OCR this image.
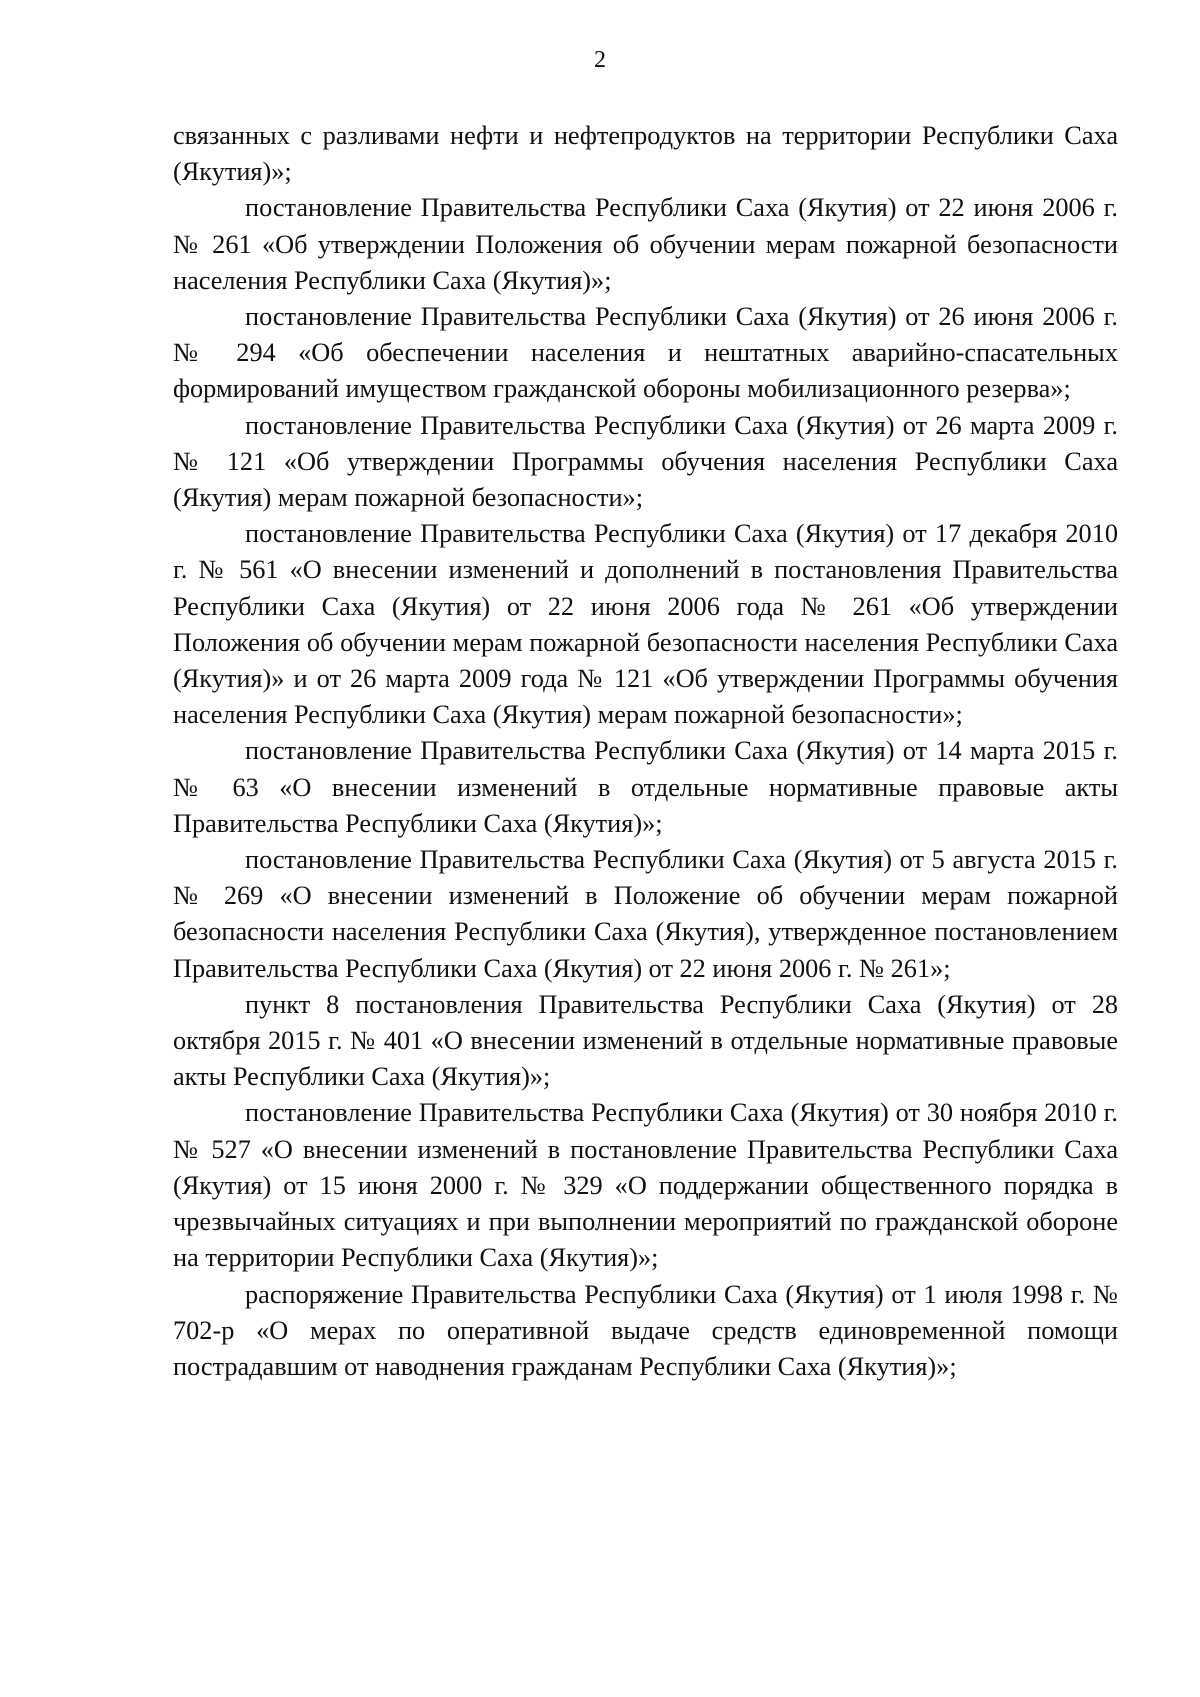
2

связанных с разливами нефти и нефтепродуктов на территории Республики Саха (Якутия)»;

постановление Правительства Республики Саха (Якутия) от 22 июня 2006 г. № 261 «Об утверждении Положения об обучении мерам пожарной безопасности населения Республики Саха (Якутия)»;

постановление Правительства Республики Саха (Якутия) от 26 июня 2006 г. № 294 «Об обеспечении населения и нештатных аварийно-спасательных формирований имуществом гражданской обороны мобилизационного резерва»;

постановление Правительства Республики Саха (Якутия) от 26 марта 2009 г. № 121 «Об утверждении Программы обучения населения Республики Саха (Якутия) мерам пожарной безопасности»;

постановление Правительства Республики Саха (Якутия) от 17 декабря 2010 г. № 561 «О внесении изменений и дополнений в постановления Правительства Республики Саха (Якутия) от 22 июня 2006 года № 261 «Об утверждении Положения об обучении мерам пожарной безопасности населения Республики Саха (Якутия)» и от 26 марта 2009 года № 121 «Об утверждении Программы обучения населения Республики Саха (Якутия) мерам пожарной безопасности»;

постановление Правительства Республики Саха (Якутия) от 14 марта 2015 г. № 63 «О внесении изменений в отдельные нормативные правовые акты Правительства Республики Саха (Якутия)»;

постановление Правительства Республики Саха (Якутия) от 5 августа 2015 г. № 269 «О внесении изменений в Положение об обучении мерам пожарной безопасности населения Республики Саха (Якутия), утвержденное постановлением Правительства Республики Саха (Якутия) от 22 июня 2006 г. № 261»;

пункт 8 постановления Правительства Республики Саха (Якутия) от 28 октября 2015 г. № 401 «О внесении изменений в отдельные нормативные правовые акты Республики Саха (Якутия)»;

постановление Правительства Республики Саха (Якутия) от 30 ноября 2010 г. № 527 «О внесении изменений в постановление Правительства Республики Саха (Якутия) от 15 июня 2000 г. № 329 «О поддержании общественного порядка в чрезвычайных ситуациях и при выполнении мероприятий по гражданской обороне на территории Республики Саха (Якутия)»;

распоряжение Правительства Республики Саха (Якутия) от 1 июля 1998 г. № 702-р «О мерах по оперативной выдаче средств единовременной помощи пострадавшим от наводнения гражданам Республики Саха (Якутия)»;
